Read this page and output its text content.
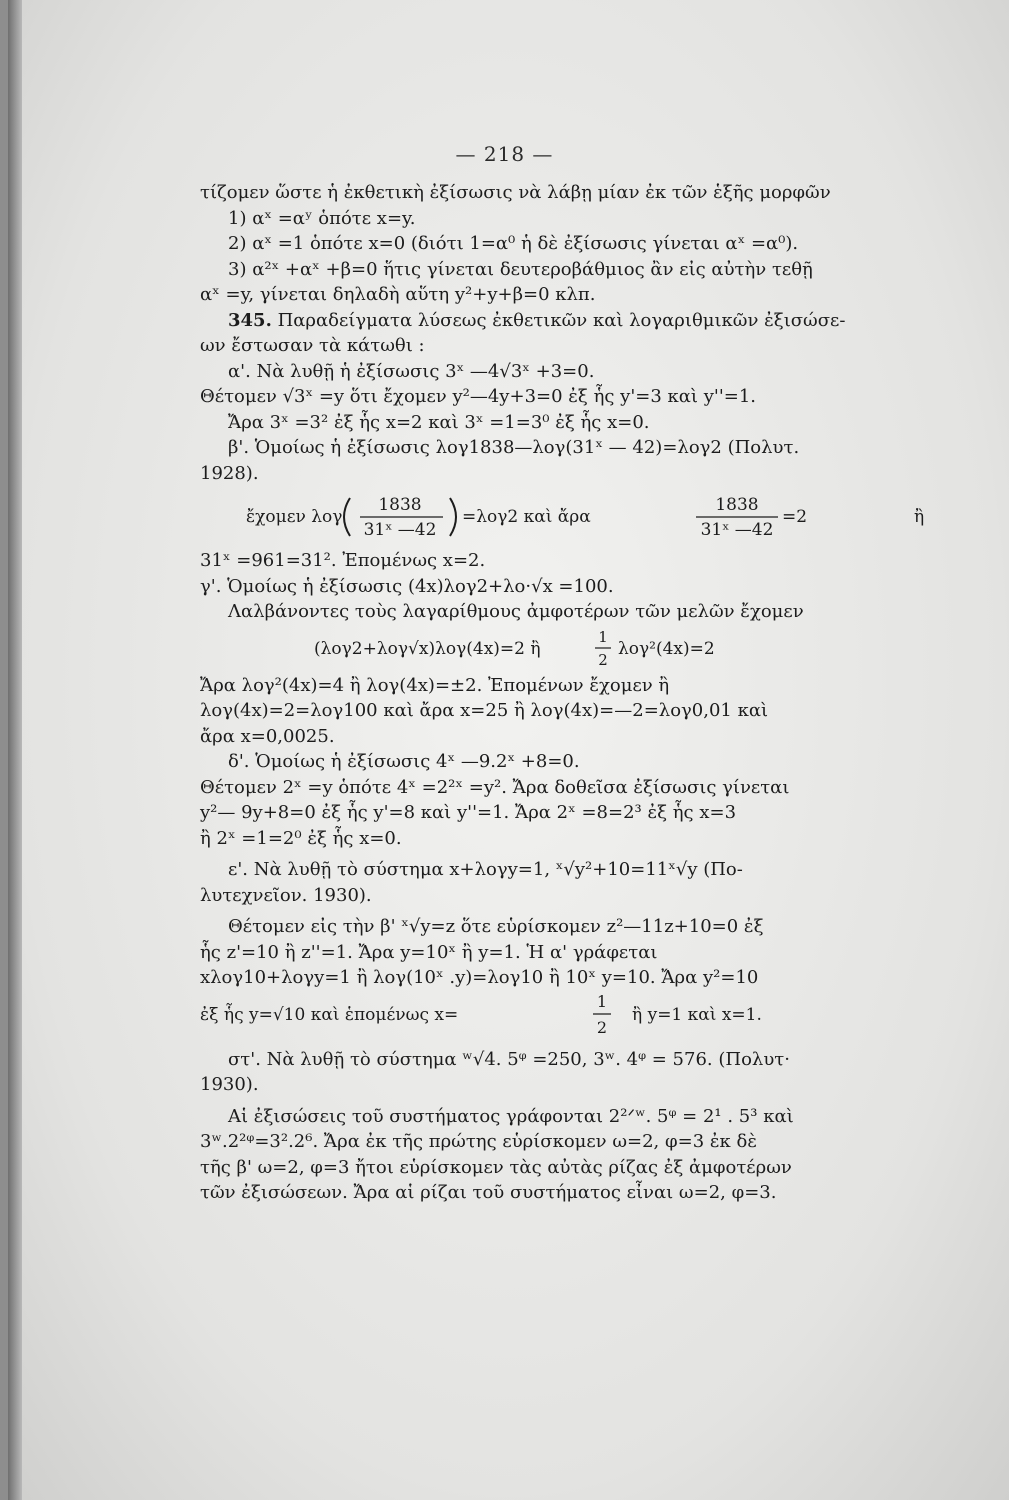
— 218 —

τίζομεν ὥστε ἡ ἐκθετικὴ ἐξίσωσις νὰ λάβῃ μίαν ἐκ τῶν ἑξῆς μορφῶν

1) αˣ =αʸ ὁπότε x=y.

2) αˣ =1 ὁπότε x=0 (διότι 1=α⁰ ἡ δὲ ἐξίσωσις γίνεται αˣ =α⁰).

3) α²ˣ +αˣ +β=0 ἥτις γίνεται δευτεροβάθμιος ἂν εἰς αὐτὴν τεθῇ

αˣ =y, γίνεται δηλαδὴ αὕτη y²+y+β=0 κλπ.

345. Παραδείγματα λύσεως ἐκθετικῶν καὶ λογαριθμικῶν ἐξισώσε-

ων ἔστωσαν τὰ κάτωθι :

α'. Νὰ λυθῇ ἡ ἐξίσωσις 3ˣ —4√3ˣ +3=0.

Θέτομεν √3ˣ =y ὅτι ἔχομεν y²—4y+3=0 ἐξ ἧς y'=3 καὶ y''=1.

Ἄρα 3ˣ =3² ἐξ ἧς x=2 καὶ 3ˣ =1=3⁰ ἐξ ἧς x=0.

β'. Ὁμοίως ἡ ἐξίσωσις λογ1838—λογ(31ˣ — 42)=λογ2 (Πολυτ.

1928).

ἔχομεν λογ
1838
31ˣ —42
=λογ2 καὶ ἄρα
1838
31ˣ —42
=2	ἢ

31ˣ =961=31². Ἐπομένως x=2.

γ'. Ὁμοίως ἡ ἐξίσωσις (4x)λογ2+λο·√x =100.

Λαλβάνοντες τοὺς λαγαρίθμους ἀμφοτέρων τῶν μελῶν ἔχομεν

(λογ2+λογ√x)λογ(4x)=2 ἢ
1
2
λογ²(4x)=2

Ἄρα λογ²(4x)=4 ἢ λογ(4x)=±2. Ἐπομένων ἔχομεν ἢ

λογ(4x)=2=λογ100 καὶ ἄρα x=25 ἢ λογ(4x)=—2=λογ0,01 καὶ

ἄρα x=0,0025.

δ'. Ὁμοίως ἡ ἐξίσωσις 4ˣ —9.2ˣ +8=0.

Θέτομεν 2ˣ =y ὁπότε 4ˣ =2²ˣ =y². Ἄρα δοθεῖσα ἐξίσωσις γίνεται

y²— 9y+8=0 ἐξ ἧς y'=8 καὶ y''=1. Ἄρα 2ˣ =8=2³ ἐξ ἧς x=3

ἢ 2ˣ =1=2⁰ ἐξ ἧς x=0.

ε'. Νὰ λυθῇ τὸ σύστημα x+λογy=1, ˣ√y²+10=11ˣ√y (Πο-

λυτεχνεῖον. 1930).

Θέτομεν εἰς τὴν β' ˣ√y=z ὅτε εὑρίσκομεν z²—11z+10=0 ἐξ

ἧς z'=10 ἢ z''=1. Ἄρα y=10ˣ ἢ y=1. Ἡ α' γράφεται

xλογ10+λογy=1 ἢ λογ(10ˣ .y)=λογ10 ἢ 10ˣ y=10. Ἄρα y²=10

ἐξ ἧς y=√10 καὶ ἑπομένως x=
1
2
ἢ y=1 καὶ x=1.

στ'. Νὰ λυθῇ τὸ σύστημα ʷ√4. 5ᵠ =250, 3ʷ. 4ᵠ = 576. (Πολυτ·

1930).

Αἱ ἐξισώσεις τοῦ συστήματος γράφονται 2²ᐟʷ. 5ᵠ = 2¹ . 5³ καὶ

3ʷ.2²ᵠ=3².2⁶. Ἄρα ἐκ τῆς πρώτης εὑρίσκομεν ω=2, φ=3 ἐκ δὲ

τῆς β' ω=2, φ=3 ἤτοι εὑρίσκομεν τὰς αὐτὰς ρίζας ἐξ ἀμφοτέρων

τῶν ἐξισώσεων. Ἄρα αἱ ρίζαι τοῦ συστήματος εἶναι ω=2, φ=3.
